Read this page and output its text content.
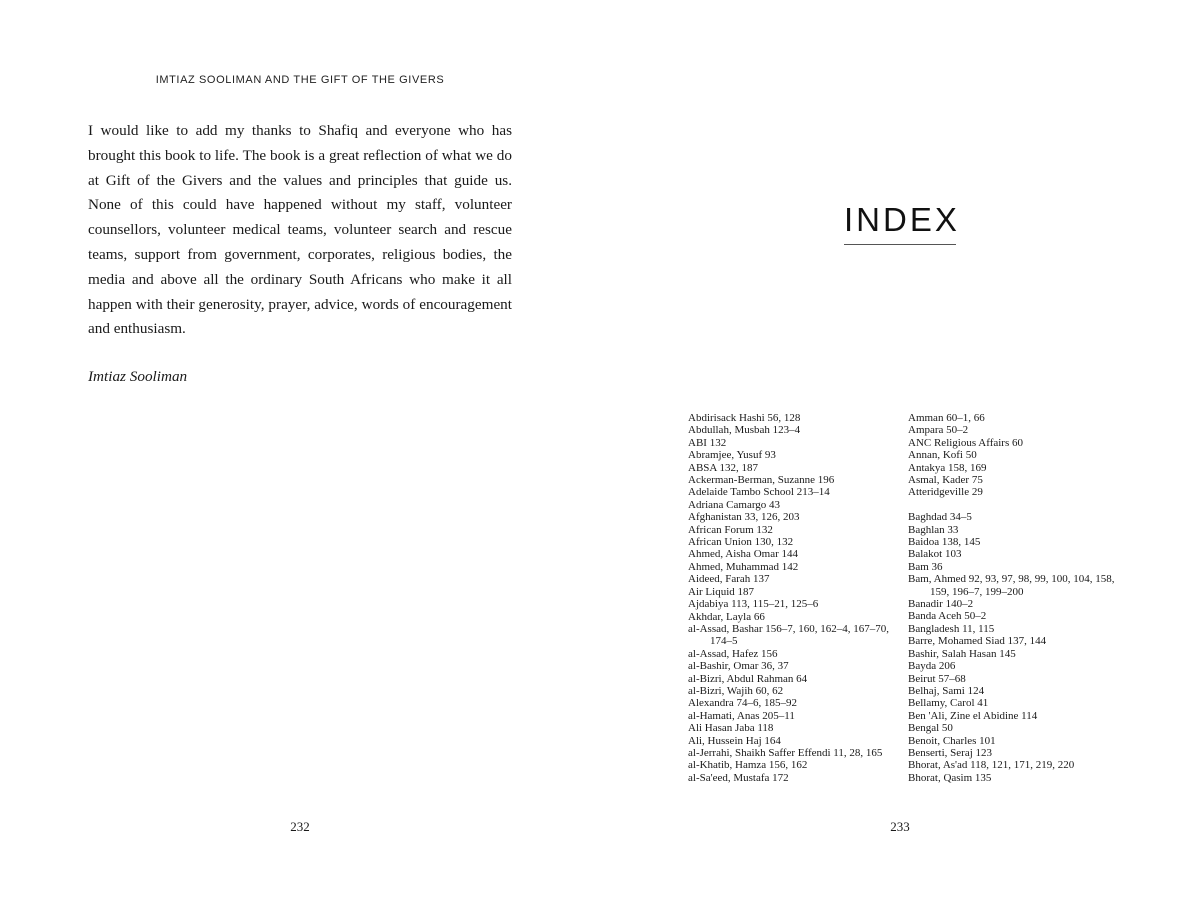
IMTIAZ SOOLIMAN AND THE GIFT OF THE GIVERS

I would like to add my thanks to Shafiq and everyone who has brought this book to life. The book is a great reflection of what we do at Gift of the Givers and the values and principles that guide us. None of this could have happened without my staff, volunteer counsellors, volunteer medical teams, volunteer search and rescue teams, support from government, corporates, religious bodies, the media and above all the ordinary South Africans who make it all happen with their generosity, prayer, advice, words of encouragement and enthusiasm.

Imtiaz Sooliman
232
INDEX
Abdirisack Hashi 56, 128
Abdullah, Musbah 123–4
ABI 132
Abramjee, Yusuf 93
ABSA 132, 187
Ackerman-Berman, Suzanne 196
Adelaide Tambo School 213–14
Adriana Camargo 43
Afghanistan 33, 126, 203
African Forum 132
African Union 130, 132
Ahmed, Aisha Omar 144
Ahmed, Muhammad 142
Aideed, Farah 137
Air Liquid 187
Ajdabiya 113, 115–21, 125–6
Akhdar, Layla 66
al-Assad, Bashar 156–7, 160, 162–4, 167–70, 174–5
al-Assad, Hafez 156
al-Bashir, Omar 36, 37
al-Bizri, Abdul Rahman 64
al-Bizri, Wajih 60, 62
Alexandra 74–6, 185–92
al-Hamati, Anas 205–11
Ali Hasan Jaba 118
Ali, Hussein Haj 164
al-Jerrahi, Shaikh Saffer Effendi 11, 28, 165
al-Khatib, Hamza 156, 162
al-Sa'eed, Mustafa 172
Amman 60–1, 66
Ampara 50–2
ANC Religious Affairs 60
Annan, Kofi 50
Antakya 158, 169
Asmal, Kader 75
Atteridgeville 29
Baghdad 34–5
Baghlan 33
Baidoa 138, 145
Balakot 103
Bam 36
Bam, Ahmed 92, 93, 97, 98, 99, 100, 104, 158, 159, 196–7, 199–200
Banadir 140–2
Banda Aceh 50–2
Bangladesh 11, 115
Barre, Mohamed Siad 137, 144
Bashir, Salah Hasan 145
Bayda 206
Beirut 57–68
Belhaj, Sami 124
Bellamy, Carol 41
Ben 'Ali, Zine el Abidine 114
Bengal 50
Benoit, Charles 101
Benserti, Seraj 123
Bhorat, As'ad 118, 121, 171, 219, 220
Bhorat, Qasim 135
233
